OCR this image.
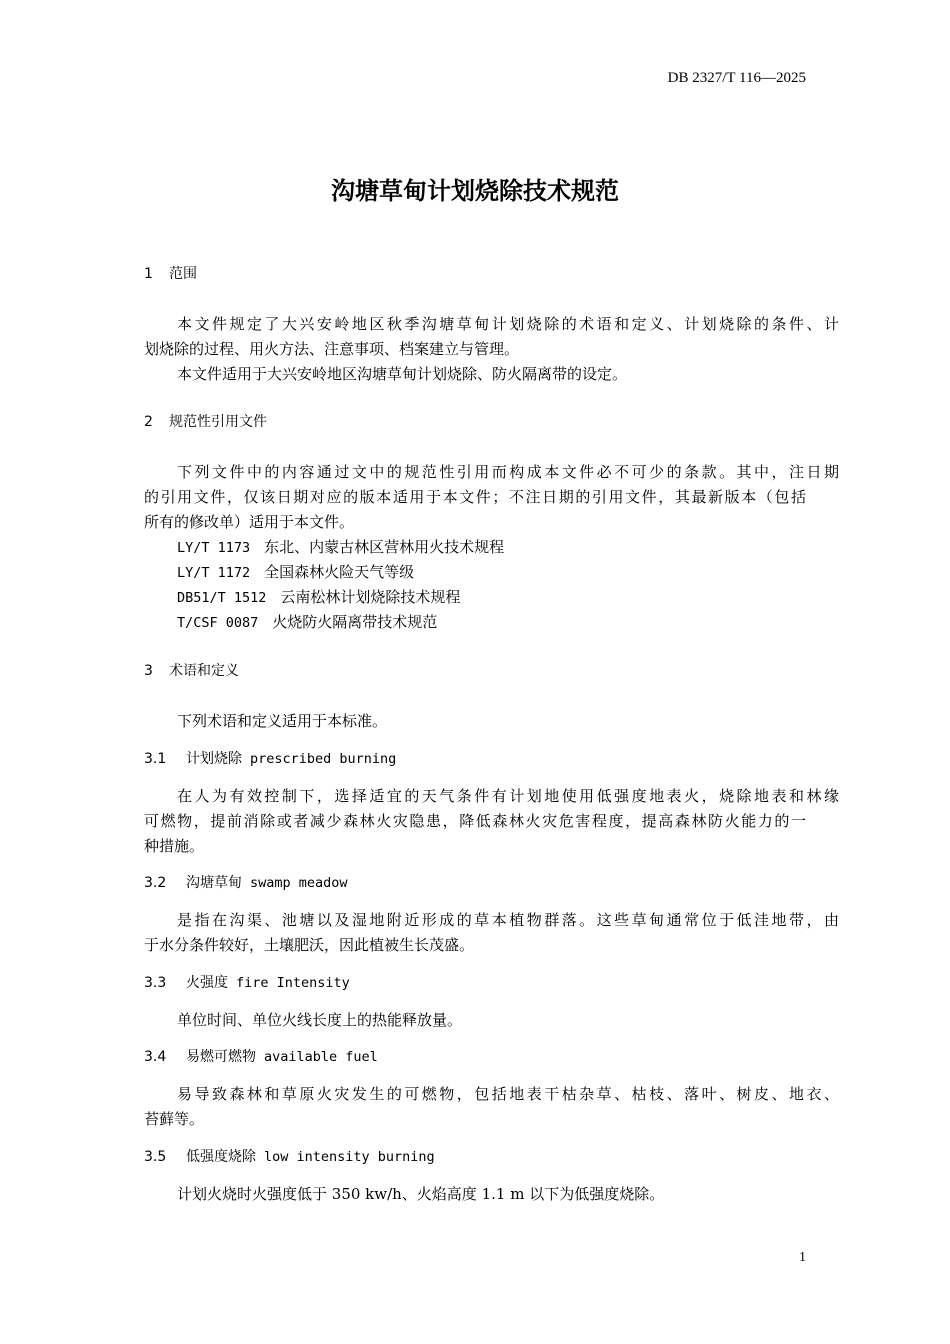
DB 2327/T 116—2025
沟塘草甸计划烧除技术规范
1 范围
本文件规定了大兴安岭地区秋季沟塘草甸计划烧除的术语和定义、计划烧除的条件、计
划烧除的过程、用火方法、注意事项、档案建立与管理。
本文件适用于大兴安岭地区沟塘草甸计划烧除、防火隔离带的设定。
2 规范性引用文件
下列文件中的内容通过文中的规范性引用而构成本文件必不可少的条款。其中，注日期
的引用文件，仅该日期对应的版本适用于本文件；不注日期的引用文件，其最新版本（包括
所有的修改单）适用于本文件。
LY/T 1173 东北、内蒙古林区营林用火技术规程
LY/T 1172 全国森林火险天气等级
DB51/T 1512 云南松林计划烧除技术规程
T/CSF 0087 火烧防火隔离带技术规范
3 术语和定义
下列术语和定义适用于本标准。
3.1 计划烧除 prescribed burning
在人为有效控制下，选择适宜的天气条件有计划地使用低强度地表火，烧除地表和林缘
可燃物，提前消除或者减少森林火灾隐患，降低森林火灾危害程度，提高森林防火能力的一
种措施。
3.2 沟塘草甸 swamp meadow
是指在沟渠、池塘以及湿地附近形成的草本植物群落。这些草甸通常位于低洼地带，由
于水分条件较好，土壤肥沃，因此植被生长茂盛。
3.3 火强度 fire Intensity
单位时间、单位火线长度上的热能释放量。
3.4 易燃可燃物 available fuel
易导致森林和草原火灾发生的可燃物，包括地表干枯杂草、枯枝、落叶、树皮、地衣、
苔藓等。
3.5 低强度烧除 low intensity burning
计划火烧时火强度低于 350 kw/h、火焰高度 1.1 m 以下为低强度烧除。
1
